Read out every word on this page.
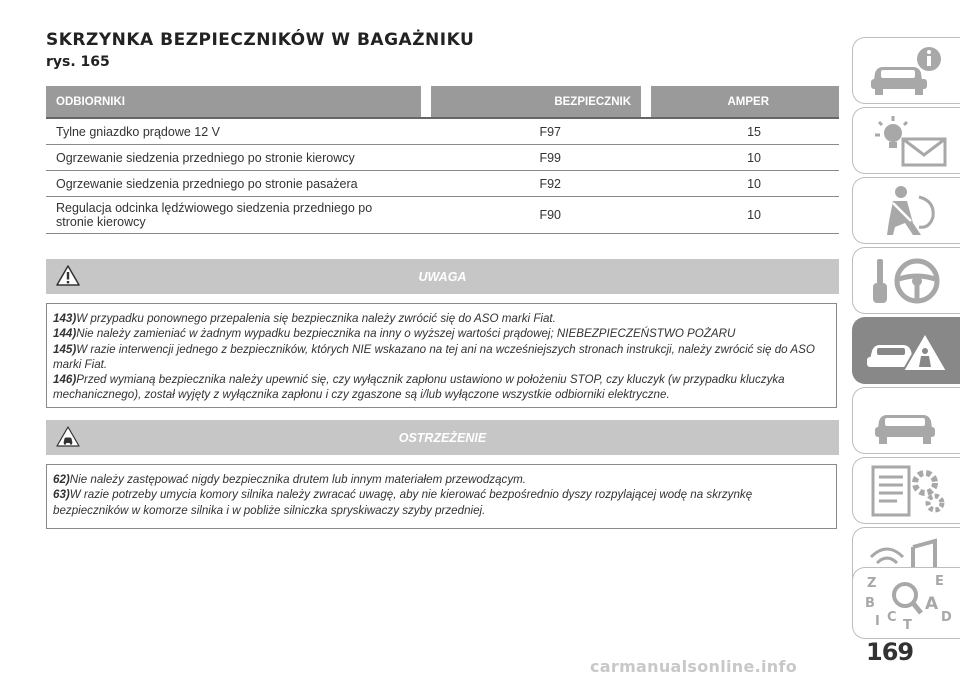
SKRZYNKA BEZPIECZNIKÓW W BAGAŻNIKU
rys. 165
ODBIORNIKI		BEZPIECZNIK		AMPER
Tylne gniazdko prądowe 12 V	F97		15	
Ogrzewanie siedzenia przedniego po stronie kierowcy	F99		10	
Ogrzewanie siedzenia przedniego po stronie pasażera	F92		10	
Regulacja odcinka lędźwiowego siedzenia przedniego po stronie kierowcy	F90		10	
UWAGA

143)W przypadku ponownego przepalenia się bezpiecznika należy zwrócić się do ASO marki Fiat.

144)Nie należy zamieniać w żadnym wypadku bezpiecznika na inny o wyższej wartości prądowej; NIEBEZPIECZEŃSTWO POŻARU

145)W razie interwencji jednego z bezpieczników, których NIE wskazano na tej ani na wcześniejszych stronach instrukcji, należy zwrócić się do ASO marki Fiat.

146)Przed wymianą bezpiecznika należy upewnić się, czy wyłącznik zapłonu ustawiono w położeniu STOP, czy kluczyk (w przypadku kluczyka mechanicznego), został wyjęty z wyłącznika zapłonu i czy zgaszone są i/lub wyłączone wszystkie odbiorniki elektryczne.

OSTRZEŻENIE

62)Nie należy zastępować nigdy bezpiecznika drutem lub innym materiałem przewodzącym.

63)W razie potrzeby umycia komory silnika należy zwracać uwagę, aby nie kierować bezpośrednio dyszy rozpylającej wodę na skrzynkę bezpieczników w komorze silnika i w pobliże silniczka spryskiwaczy szyby przedniej.

Z	E
B	A
C	D
I T
169
carmanualsonline.info
